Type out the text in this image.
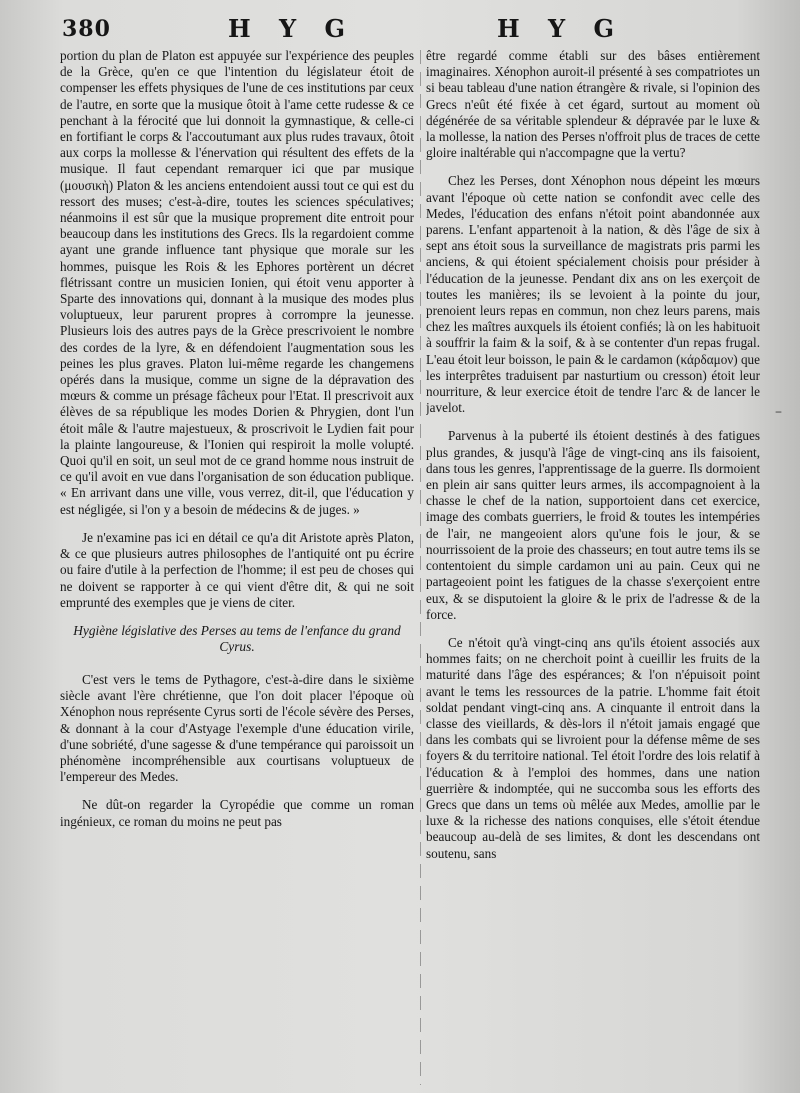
380	H Y G	H Y G

portion du plan de Platon est appuyée sur l'expérience des peuples de la Grèce, qu'en ce que l'intention du législateur étoit de compenser les effets physiques de l'une de ces institutions par ceux de l'autre, en sorte que la musique ôtoit à l'ame cette rudesse & ce penchant à la férocité que lui donnoit la gymnastique, & celle-ci en fortifiant le corps & l'accoutumant aux plus rudes travaux, ôtoit aux corps la mollesse & l'énervation qui résultent des effets de la musique. Il faut cependant remarquer ici que par musique (μουσικὴ) Platon & les anciens entendoient aussi tout ce qui est du ressort des muses; c'est-à-dire, toutes les sciences spéculatives; néanmoins il est sûr que la musique proprement dite entroit pour beaucoup dans les institutions des Grecs. Ils la regardoient comme ayant une grande influence tant physique que morale sur les hommes, puisque les Rois & les Ephores portèrent un décret flétrissant contre un musicien Ionien, qui étoit venu apporter à Sparte des innovations qui, donnant à la musique des modes plus voluptueux, leur parurent propres à corrompre la jeunesse. Plusieurs lois des autres pays de la Grèce prescrivoient le nombre des cordes de la lyre, & en défendoient l'augmentation sous les peines les plus graves. Platon lui-même regarde les changemens opérés dans la musique, comme un signe de la dépravation des mœurs & comme un présage fâcheux pour l'Etat. Il prescrivoit aux élèves de sa république les modes Dorien & Phrygien, dont l'un étoit mâle & l'autre majestueux, & proscrivoit le Lydien fait pour la plainte langoureuse, & l'Ionien qui respiroit la molle volupté. Quoi qu'il en soit, un seul mot de ce grand homme nous instruit de ce qu'il avoit en vue dans l'organisation de son éducation publique. « En arrivant dans une ville, vous verrez, dit-il, que l'éducation y est négligée, si l'on y a besoin de médecins & de juges. »

Je n'examine pas ici en détail ce qu'a dit Aristote après Platon, & ce que plusieurs autres philosophes de l'antiquité ont pu écrire ou faire d'utile à la perfection de l'homme; il est peu de choses qui ne doivent se rapporter à ce qui vient d'être dit, & qui ne soit emprunté des exemples que je viens de citer.

Hygiène législative des Perses au tems de l'enfance du grand Cyrus.

C'est vers le tems de Pythagore, c'est-à-dire dans le sixième siècle avant l'ère chrétienne, que l'on doit placer l'époque où Xénophon nous représente Cyrus sorti de l'école sévère des Perses, & donnant à la cour d'Astyage l'exemple d'une éducation virile, d'une sobriété, d'une sagesse & d'une tempérance qui paroissoit un phénomène incompréhensible aux courtisans voluptueux de l'empereur des Medes.

Ne dût-on regarder la Cyropédie que comme un roman ingénieux, ce roman du moins ne peut pas

être regardé comme établi sur des bâses entièrement imaginaires. Xénophon auroit-il présenté à ses compatriotes un si beau tableau d'une nation étrangère & rivale, si l'opinion des Grecs n'eût été fixée à cet égard, surtout au moment où dégénérée de sa véritable splendeur & dépravée par le luxe & la mollesse, la nation des Perses n'offroit plus de traces de cette gloire inaltérable qui n'accompagne que la vertu?

Chez les Perses, dont Xénophon nous dépeint les mœurs avant l'époque où cette nation se confondit avec celle des Medes, l'éducation des enfans n'étoit point abandonnée aux parens. L'enfant appartenoit à la nation, & dès l'âge de six à sept ans étoit sous la surveillance de magistrats pris parmi les anciens, & qui étoient spécialement choisis pour présider à l'éducation de la jeunesse. Pendant dix ans on les exerçoit de toutes les manières; ils se levoient à la pointe du jour, prenoient leurs repas en commun, non chez leurs parens, mais chez les maîtres auxquels ils étoient confiés; là on les habituoit à souffrir la faim & la soif, & à se contenter d'un repas frugal. L'eau étoit leur boisson, le pain & le cardamon (κάρδαμον) que les interprêtes traduisent par nasturtium ou cresson) étoit leur nourriture, & leur exercice étoit de tendre l'arc & de lancer le javelot.

Parvenus à la puberté ils étoient destinés à des fatigues plus grandes, & jusqu'à l'âge de vingt-cinq ans ils faisoient, dans tous les genres, l'apprentissage de la guerre. Ils dormoient en plein air sans quitter leurs armes, ils accompagnoient à la chasse le chef de la nation, supportoient dans cet exercice, image des combats guerriers, le froid & toutes les intempéries de l'air, ne mangeoient alors qu'une fois le jour, & se nourrissoient de la proie des chasseurs; en tout autre tems ils se contentoient du simple cardamon uni au pain. Ceux qui ne partageoient point les fatigues de la chasse s'exerçoient entre eux, & se disputoient la gloire & le prix de l'adresse & de la force.

Ce n'étoit qu'à vingt-cinq ans qu'ils étoient associés aux hommes faits; on ne cherchoit point à cueillir les fruits de la maturité dans l'âge des espérances; & l'on n'épuisoit point avant le tems les ressources de la patrie. L'homme fait étoit soldat pendant vingt-cinq ans. A cinquante il entroit dans la classe des vieillards, & dès-lors il n'étoit jamais engagé que dans les combats qui se livroient pour la défense même de ses foyers & du territoire national. Tel étoit l'ordre des lois relatif à l'éducation & à l'emploi des hommes, dans une nation guerrière & indomptée, qui ne succomba sous les efforts des Grecs que dans un tems où mêlée aux Medes, amollie par le luxe & la richesse des nations conquises, elle s'étoit étendue beaucoup au-delà de ses limites, & dont les descendans ont soutenu, sans

–
